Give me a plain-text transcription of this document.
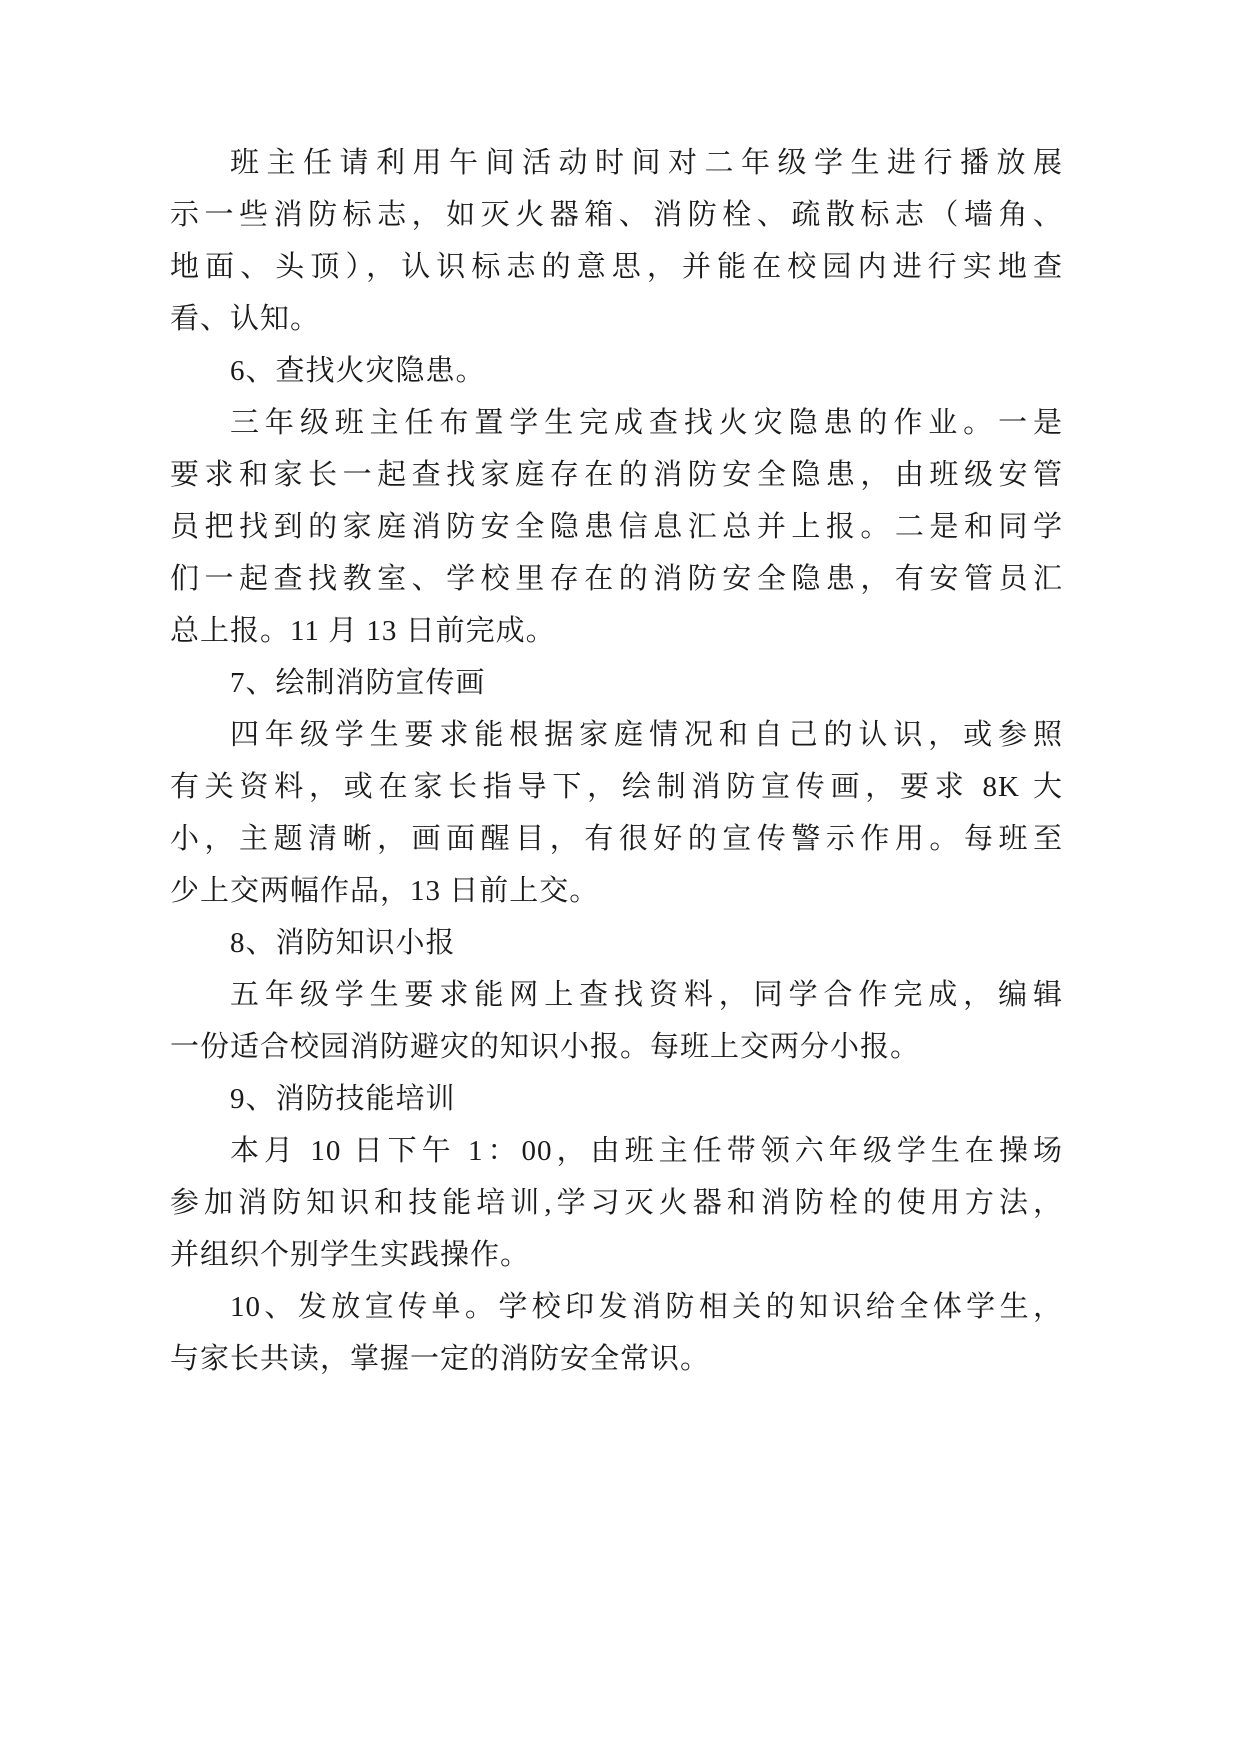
班主任请利用午间活动时间对二年级学生进行播放展
示一些消防标志，如灭火器箱、消防栓、疏散标志（墙角、
地面、头顶），认识标志的意思，并能在校园内进行实地查
看、认知。
6、查找火灾隐患。
三年级班主任布置学生完成查找火灾隐患的作业。一是
要求和家长一起查找家庭存在的消防安全隐患，由班级安管
员把找到的家庭消防安全隐患信息汇总并上报。二是和同学
们一起查找教室、学校里存在的消防安全隐患，有安管员汇
总上报。11 月 13 日前完成。
7、绘制消防宣传画
四年级学生要求能根据家庭情况和自己的认识，或参照
有关资料，或在家长指导下，绘制消防宣传画，要求 8K 大
小，主题清晰，画面醒目，有很好的宣传警示作用。每班至
少上交两幅作品，13 日前上交。
8、消防知识小报
五年级学生要求能网上查找资料，同学合作完成，编辑
一份适合校园消防避灾的知识小报。每班上交两分小报。
9、消防技能培训
本月 10 日下午 1：00，由班主任带领六年级学生在操场
参加消防知识和技能培训,学习灭火器和消防栓的使用方法，
并组织个别学生实践操作。
10、发放宣传单。学校印发消防相关的知识给全体学生，
与家长共读，掌握一定的消防安全常识。
